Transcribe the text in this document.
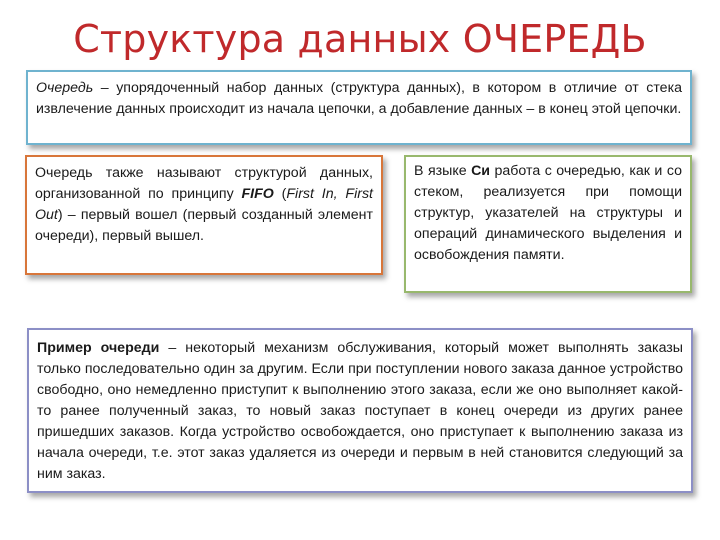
Структура данных ОЧЕРЕДЬ

Очередь – упорядоченный набор данных (структура данных), в котором в отличие от стека извлечение данных происходит из начала цепочки, а добавление данных – в конец этой цепочки.

Очередь также называют структурой данных, организованной по принципу FIFO (First In, First Out) – первый вошел (первый созданный элемент очереди), первый вышел.

В языке Си работа с очередью, как и со стеком, реализуется при помощи структур, указателей на структуры и операций динамического выделения и освобождения памяти.

Пример очереди – некоторый механизм обслуживания, который может выполнять заказы только последовательно один за другим. Если при поступлении нового заказа данное устройство свободно, оно немедленно приступит к выполнению этого заказа, если же оно выполняет какой-то ранее полученный заказ, то новый заказ поступает в конец очереди из других ранее пришедших заказов. Когда устройство освобождается, оно приступает к выполнению заказа из начала очереди, т.е. этот заказ удаляется из очереди и первым в ней становится следующий за ним заказ.
